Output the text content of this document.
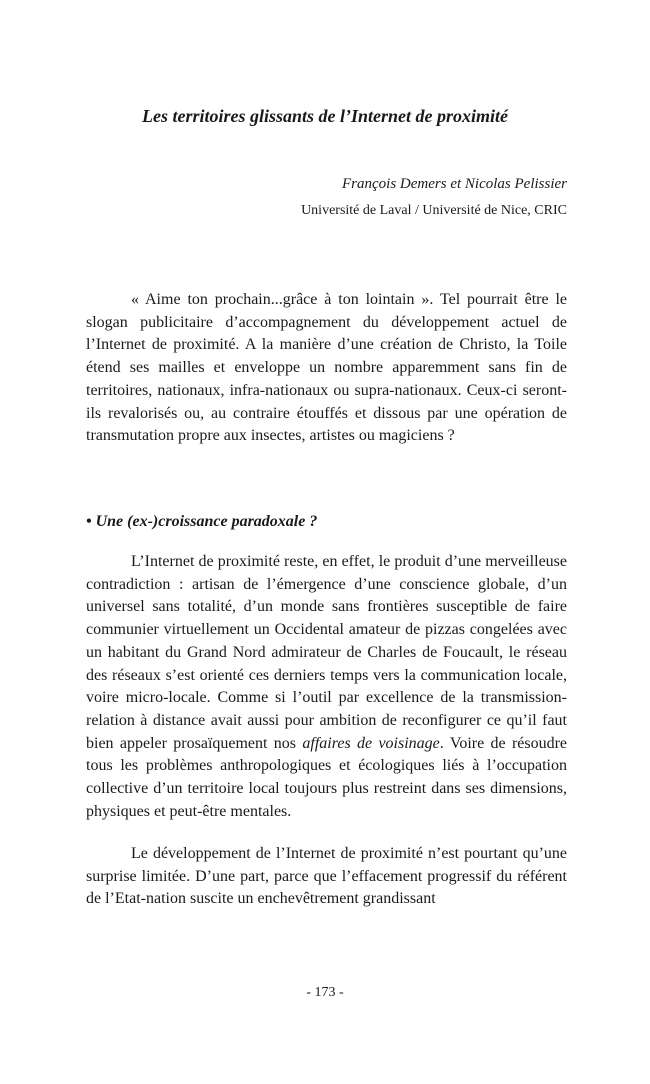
Les territoires glissants de l’Internet de proximité

François Demers et Nicolas Pelissier

Université de Laval / Université de Nice, CRIC

« Aime ton prochain...grâce à ton lointain ». Tel pourrait être le slogan publicitaire d’accompagnement du développement actuel de l’Internet de proximité. A la manière d’une création de Christo, la Toile étend ses mailles et enveloppe un nombre apparemment sans fin de territoires, nationaux, infra-nationaux ou supra-nationaux. Ceux-ci seront-ils revalorisés ou, au contraire étouffés et dissous par une opération de transmutation propre aux insectes, artistes ou magiciens ?

• Une (ex-)croissance paradoxale ?

L’Internet de proximité reste, en effet, le produit d’une merveilleuse contradiction : artisan de l’émergence d’une conscience globale, d’un universel sans totalité, d’un monde sans frontières susceptible de faire communier virtuellement un Occidental amateur de pizzas congelées avec un habitant du Grand Nord admirateur de Charles de Foucault, le réseau des réseaux s’est orienté ces derniers temps vers la communication locale, voire micro-locale. Comme si l’outil par excellence de la transmission-relation à distance avait aussi pour ambition de reconfigurer ce qu’il faut bien appeler prosaïquement nos affaires de voisinage. Voire de résoudre tous les problèmes anthropologiques et écologiques liés à l’occupation collective d’un territoire local toujours plus restreint dans ses dimensions, physiques et peut-être mentales.

Le développement de l’Internet de proximité n’est pourtant qu’une surprise limitée. D’une part, parce que l’effacement progressif du référent de l’Etat-nation suscite un enchevêtrement grandissant

- 173 -
